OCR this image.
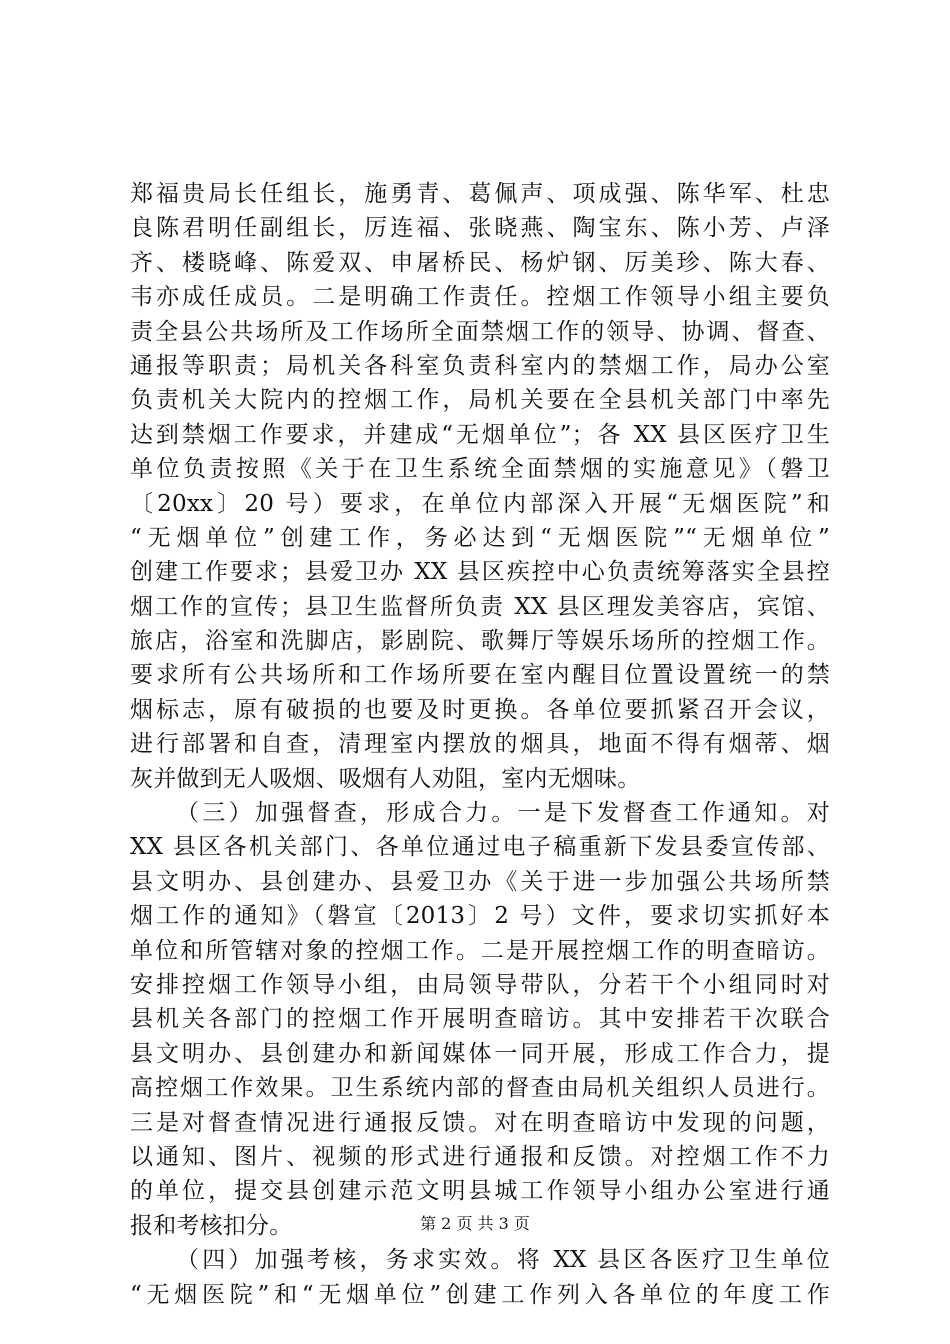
郑福贵局长任组长，施勇青、葛佩声、项成强、陈华军、杜忠
良陈君明任副组长，厉连福、张晓燕、陶宝东、陈小芳、卢泽
齐、楼晓峰、陈爱双、申屠桥民、杨炉钢、厉美珍、陈大春、
韦亦成任成员。二是明确工作责任。控烟工作领导小组主要负
责全县公共场所及工作场所全面禁烟工作的领导、协调、督查、
通报等职责；局机关各科室负责科室内的禁烟工作，局办公室
负责机关大院内的控烟工作，局机关要在全县机关部门中率先
达到禁烟工作要求，并建成“无烟单位”；各 XX 县区医疗卫生
单位负责按照《关于在卫生系统全面禁烟的实施意见》（磐卫
〔20xx〕20 号）要求，在单位内部深入开展“无烟医院”和
“无烟单位”创建工作，务必达到“无烟医院”“无烟单位”
创建工作要求；县爱卫办 XX 县区疾控中心负责统筹落实全县控
烟工作的宣传；县卫生监督所负责 XX 县区理发美容店，宾馆、
旅店，浴室和洗脚店，影剧院、歌舞厅等娱乐场所的控烟工作。
要求所有公共场所和工作场所要在室内醒目位置设置统一的禁
烟标志，原有破损的也要及时更换。各单位要抓紧召开会议，
进行部署和自查，清理室内摆放的烟具，地面不得有烟蒂、烟
灰并做到无人吸烟、吸烟有人劝阻，室内无烟味。
（三）加强督查，形成合力。一是下发督查工作通知。对
XX 县区各机关部门、各单位通过电子稿重新下发县委宣传部、
县文明办、县创建办、县爱卫办《关于进一步加强公共场所禁
烟工作的通知》（磐宣〔2013〕2 号）文件，要求切实抓好本
单位和所管辖对象的控烟工作。二是开展控烟工作的明查暗访。
安排控烟工作领导小组，由局领导带队，分若干个小组同时对
县机关各部门的控烟工作开展明查暗访。其中安排若干次联合
县文明办、县创建办和新闻媒体一同开展，形成工作合力，提
高控烟工作效果。卫生系统内部的督查由局机关组织人员进行。
三是对督查情况进行通报反馈。对在明查暗访中发现的问题，
以通知、图片、视频的形式进行通报和反馈。对控烟工作不力
的单位，提交县创建示范文明县城工作领导小组办公室进行通
报和考核扣分。
（四）加强考核，务求实效。将 XX 县区各医疗卫生单位
“无烟医院”和“无烟单位”创建工作列入各单位的年度工作
第 2 页 共 3 页
